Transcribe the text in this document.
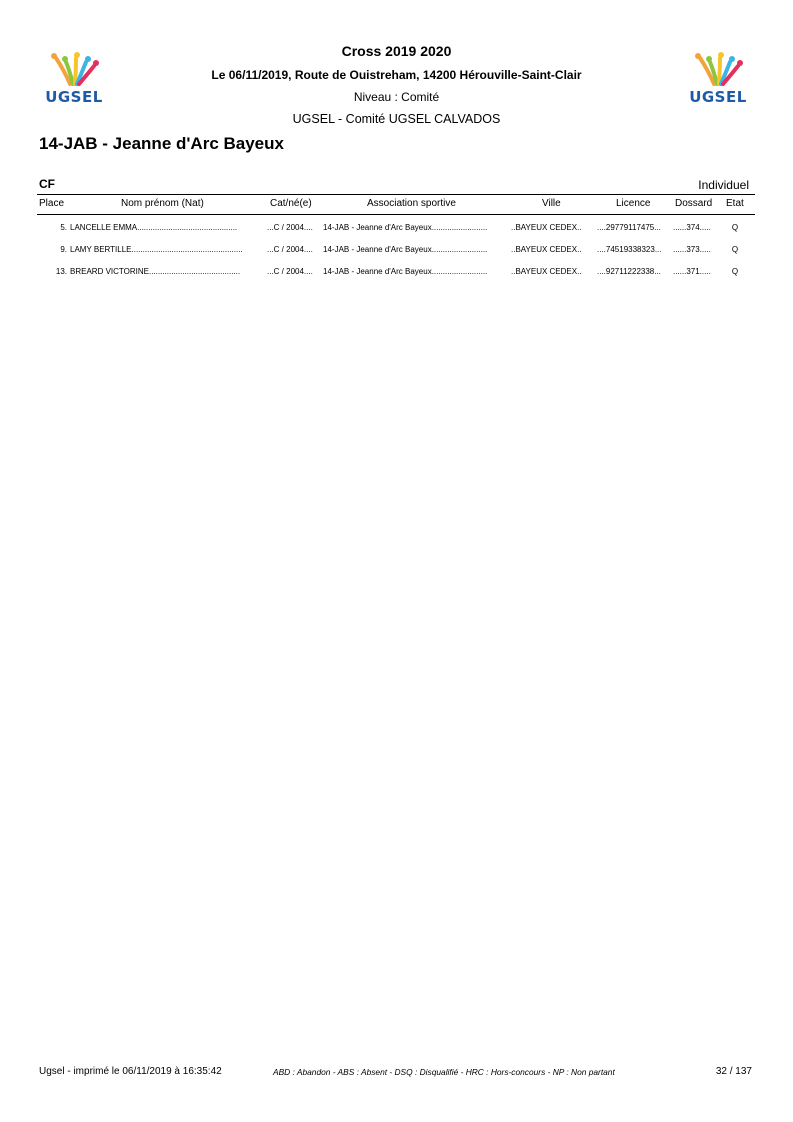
UGSEL	UGSEL
Cross 2019 2020
Le 06/11/2019, Route de Ouistreham, 14200 Hérouville-Saint-Clair
Niveau : Comité
UGSEL - Comité UGSEL CALVADOS
14-JAB - Jeanne d'Arc Bayeux
CF	Individuel
Place	Nom prénom (Nat)	Cat/né(e)	Association sportive	Ville	Licence Dossard Etat
5. LANCELLE EMMA.............................................	...C / 2004....	14-JAB - Jeanne d'Arc Bayeux.........................	..BAYEUX CEDEX..	....29779117475...	......374.....	Q
9. LAMY BERTILLE..................................................	...C / 2004....	14-JAB - Jeanne d'Arc Bayeux.........................	..BAYEUX CEDEX..	....74519338323...	......373.....	Q
13. BREARD VICTORINE.........................................	...C / 2004....	14-JAB - Jeanne d'Arc Bayeux.........................	..BAYEUX CEDEX..	....92711222338...	......371.....	Q
Ugsel - imprimé le 06/11/2019 à 16:35:42	ABD : Abandon - ABS : Absent - DSQ : Disqualifié - HRC : Hors-concours - NP : Non partant	32 / 137
